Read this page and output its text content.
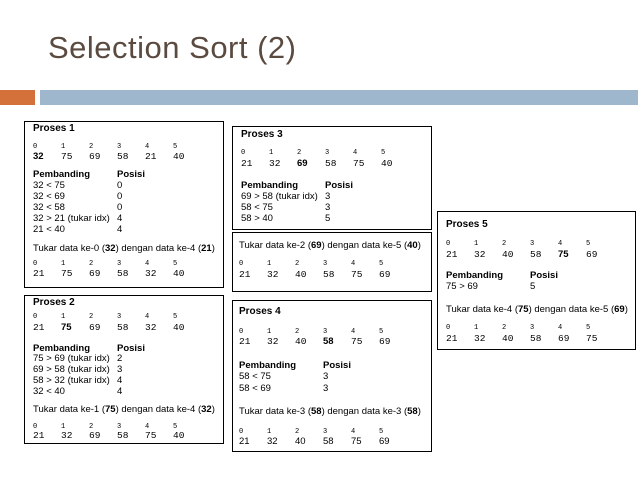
Selection Sort (2)
Proses 1
0	1	2	3	4	5
32 75 69 58 21 40
Pembanding	Posisi
32 < 75	0
32 < 69	0
32 < 58	0
32 > 21 (tukar idx) 4
21 < 40	4
Tukar data ke-0 (32) dengan data ke-4 (21)
0	1	2	3	4	5
21 75 69 58 32 40
Proses 2
0	1	2	3	4	5
21 75 69 58 32 40
Pembanding	Posisi
75 > 69 (tukar idx) 2
69 > 58 (tukar idx) 3
58 > 32 (tukar idx) 4
32 < 40	4
Tukar data ke-1 (75) dengan data ke-4 (32)
0	1	2	3	4	5
21 32 69 58 75 40
Proses 3
0	1	2	3	4	5
21 32 69 58 75 40
Pembanding	Posisi
69 > 58 (tukar idx) 3
58 < 75	3
58 > 40	5
Tukar data ke-2 (69) dengan data ke-5 (40)
0	1	2	3	4	5
21 32 40 58 75 69
Proses 4
0	1	2	3	4	5
21 32 40 58 75 69
Pembanding	Posisi
58 < 75	3
58 < 69	3
Tukar data ke-3 (58) dengan data ke-3 (58)
0	1	2	3	4	5
21 32 40 58 75 69
Proses 5
0	1	2	3	4	5
21 32 40 58 75 69
Pembanding	Posisi
75 > 69	5
Tukar data ke-4 (75) dengan data ke-5 (69)
0	1	2	3	4	5
21 32 40 58 69 75
